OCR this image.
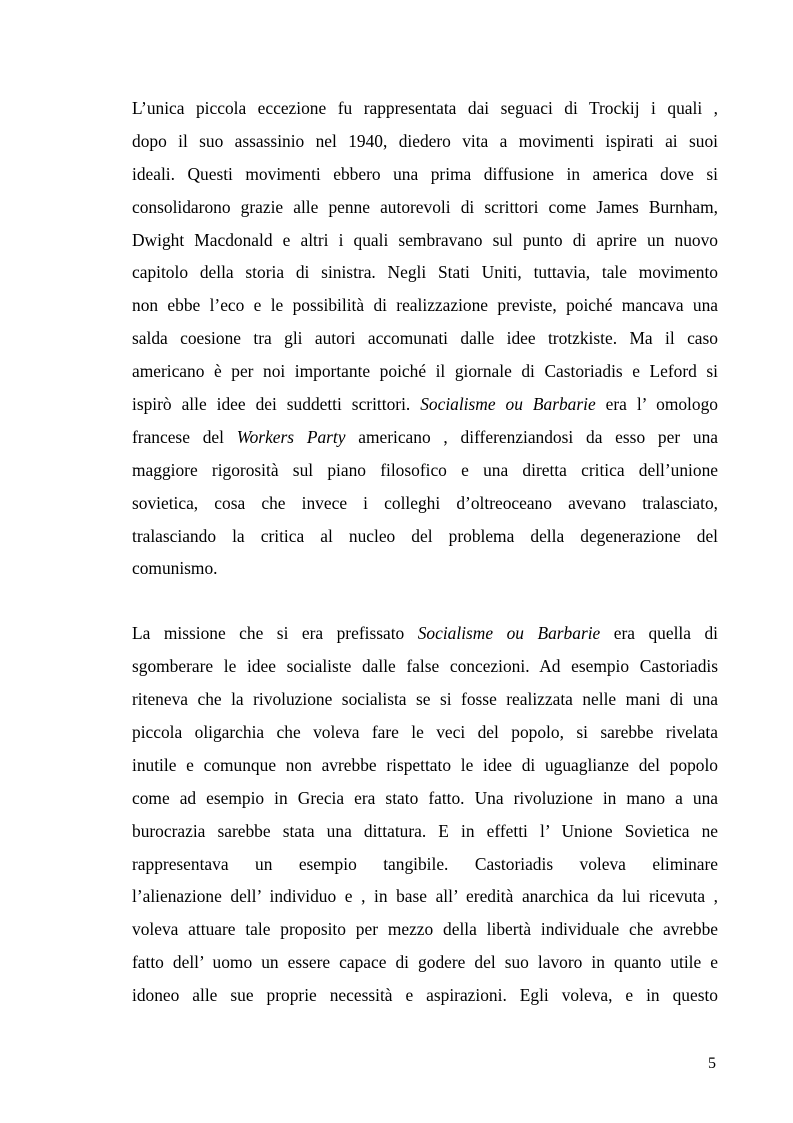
L’unica piccola eccezione fu rappresentata dai seguaci di Trockij i quali ,
dopo il suo assassinio nel 1940, diedero vita a movimenti ispirati ai suoi
ideali. Questi movimenti ebbero una prima diffusione in america dove si
consolidarono grazie alle penne autorevoli di scrittori come James Burnham,
Dwight Macdonald e altri i quali sembravano sul punto di aprire un nuovo
capitolo della storia di sinistra. Negli Stati Uniti, tuttavia, tale movimento
non ebbe l’eco e le possibilità di realizzazione previste, poiché mancava una
salda coesione tra gli autori accomunati dalle idee trotzkiste. Ma il caso
americano è per noi importante poiché il giornale di Castoriadis e Leford si
ispirò alle idee dei suddetti scrittori. Socialisme ou Barbarie era l’ omologo
francese del Workers Party americano , differenziandosi da esso per una
maggiore rigorosità sul piano filosofico e una diretta critica dell’unione
sovietica, cosa che invece i colleghi d’oltreoceano avevano tralasciato,
tralasciando la critica al nucleo del problema della degenerazione del
comunismo.
La missione che si era prefissato Socialisme ou Barbarie era quella di
sgomberare le idee socialiste dalle false concezioni. Ad esempio Castoriadis
riteneva che la rivoluzione socialista se si fosse realizzata nelle mani di una
piccola oligarchia che voleva fare le veci del popolo, si sarebbe rivelata
inutile e comunque non avrebbe rispettato le idee di uguaglianze del popolo
come ad esempio in Grecia era stato fatto. Una rivoluzione in mano a una
burocrazia sarebbe stata una dittatura. E in effetti l’ Unione Sovietica ne
rappresentava un esempio tangibile. Castoriadis voleva eliminare
l’alienazione dell’ individuo e , in base all’ eredità anarchica da lui ricevuta ,
voleva attuare tale proposito per mezzo della libertà individuale che avrebbe
fatto dell’ uomo un essere capace di godere del suo lavoro in quanto utile e
idoneo alle sue proprie necessità e aspirazioni. Egli voleva, e in questo
5
